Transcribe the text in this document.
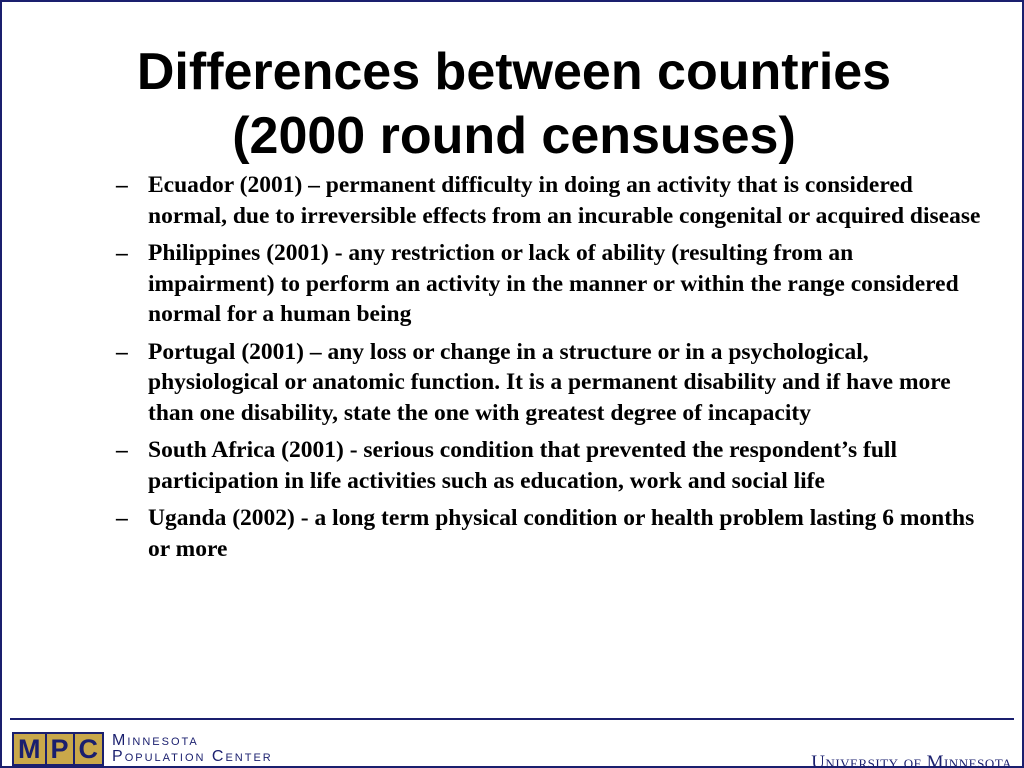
Differences between countries
(2000 round censuses)
– Ecuador (2001) – permanent difficulty in doing an activity that is considered normal, due to irreversible effects from an incurable congenital or acquired disease
– Philippines (2001) - any restriction or lack of ability (resulting from an impairment) to perform an activity in the manner or within the range considered normal for a human being
– Portugal (2001) – any loss or change in a structure or in a psychological, physiological or anatomic function. It is a permanent disability and if have more than one disability, state the one with greatest degree of incapacity
– South Africa (2001) - serious condition that prevented the respondent’s full participation in life activities such as education, work and social life
– Uganda (2002) - a long term physical condition or health problem lasting 6 months or more
M P C Minnesota
Population Center	University of Minnesota
